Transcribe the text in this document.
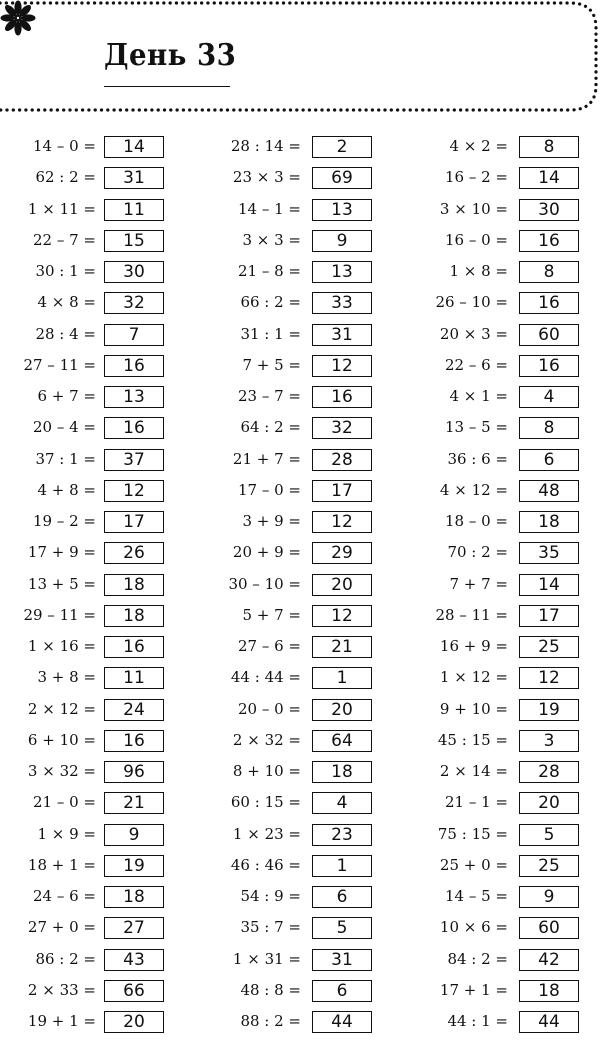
День 33
14 – 0 =	14
62 : 2 =	31
1 × 11 =	11
22 – 7 =	15
30 : 1 =	30
4 × 8 =	32
28 : 4 =	7
27 – 11 =	16
6 + 7 =	13
20 – 4 =	16
37 : 1 =	37
4 + 8 =	12
19 – 2 =	17
17 + 9 =	26
13 + 5 =	18
29 – 11 =	18
1 × 16 =	16
3 + 8 =	11
2 × 12 =	24
6 + 10 =	16
3 × 32 =	96
21 – 0 =	21
1 × 9 =	9
18 + 1 =	19
24 – 6 =	18
27 + 0 =	27
86 : 2 =	43
2 × 33 =	66
19 + 1 =	20
28 : 14 =	2
23 × 3 =	69
14 – 1 =	13
3 × 3 =	9
21 – 8 =	13
66 : 2 =	33
31 : 1 =	31
7 + 5 =	12
23 – 7 =	16
64 : 2 =	32
21 + 7 =	28
17 – 0 =	17
3 + 9 =	12
20 + 9 =	29
30 – 10 =	20
5 + 7 =	12
27 – 6 =	21
44 : 44 =	1
20 – 0 =	20
2 × 32 =	64
8 + 10 =	18
60 : 15 =	4
1 × 23 =	23
46 : 46 =	1
54 : 9 =	6
35 : 7 =	5
1 × 31 =	31
48 : 8 =	6
88 : 2 =	44
4 × 2 =	8
16 – 2 =	14
3 × 10 =	30
16 – 0 =	16
1 × 8 =	8
26 – 10 =	16
20 × 3 =	60
22 – 6 =	16
4 × 1 =	4
13 – 5 =	8
36 : 6 =	6
4 × 12 =	48
18 – 0 =	18
70 : 2 =	35
7 + 7 =	14
28 – 11 =	17
16 + 9 =	25
1 × 12 =	12
9 + 10 =	19
45 : 15 =	3
2 × 14 =	28
21 – 1 =	20
75 : 15 =	5
25 + 0 =	25
14 – 5 =	9
10 × 6 =	60
84 : 2 =	42
17 + 1 =	18
44 : 1 =	44
